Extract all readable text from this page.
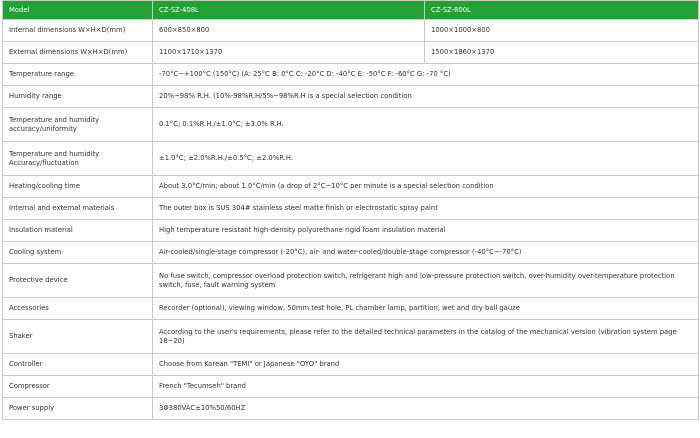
Model	CZ-SZ-408L	CZ-SZ-800L
Internal dimensions W×H×D(mm)	600×850×800	1000×1000×800
External dimensions W×H×D(mm)	1100×1710×1370	1500×1860×1370
Temperature range	-70°C~+100°C (150°C) (A: 25°C B: 0°C C: -20°C D: -40°C E: -50°C F: -60°C G: -70 °C)	
Humidity range	20%~98% R.H. (10%-98%R.H/5%~98%R.H is a special selection condition	
Temperature and humidity accuracy/uniformity	0.1°C; 0.1%R.H./±1.0°C; ±3.0% R.H.	
Temperature and humidity Accuracy/fluctuation	±1.0°C; ±2.0%R.H./±0.5°C; ±2.0%R.H.	
Heating/cooling time	About 3.0°C/min; about 1.0°C/min (a drop of 2°C~10°C per minute is a special selection condition	
Internal and external materials	The outer box is SUS 304# stainless steel matte finish or electrostatic spray paint	
Insulation material	High temperature resistant high-density polyurethane rigid foam insulation material	
Cooling system	Air-cooled/single-stage compressor (-20°C), air- and water-cooled/double-stage compressor (-40°C~-70°C)	
Protective device	No fuse switch, compressor overload protection switch, refrigerant high and low-pressure protection switch, over-humidity over-temperature protection switch, fuse, fault warning system	
Accessories	Recorder (optional), viewing window, 50mm test hole, PL chamber lamp, partition, wet and dry ball gauze	
Shaker	According to the user's requirements, please refer to the detailed technical parameters in the catalog of the mechanical version (vibration system page 18~20)	
Controller	Choose from Korean "TEMI" or Japanese "OYO" brand	
Compressor	French "Tecumseh" brand	
Power supply	3Φ380VAC±10%50/60HZ	
